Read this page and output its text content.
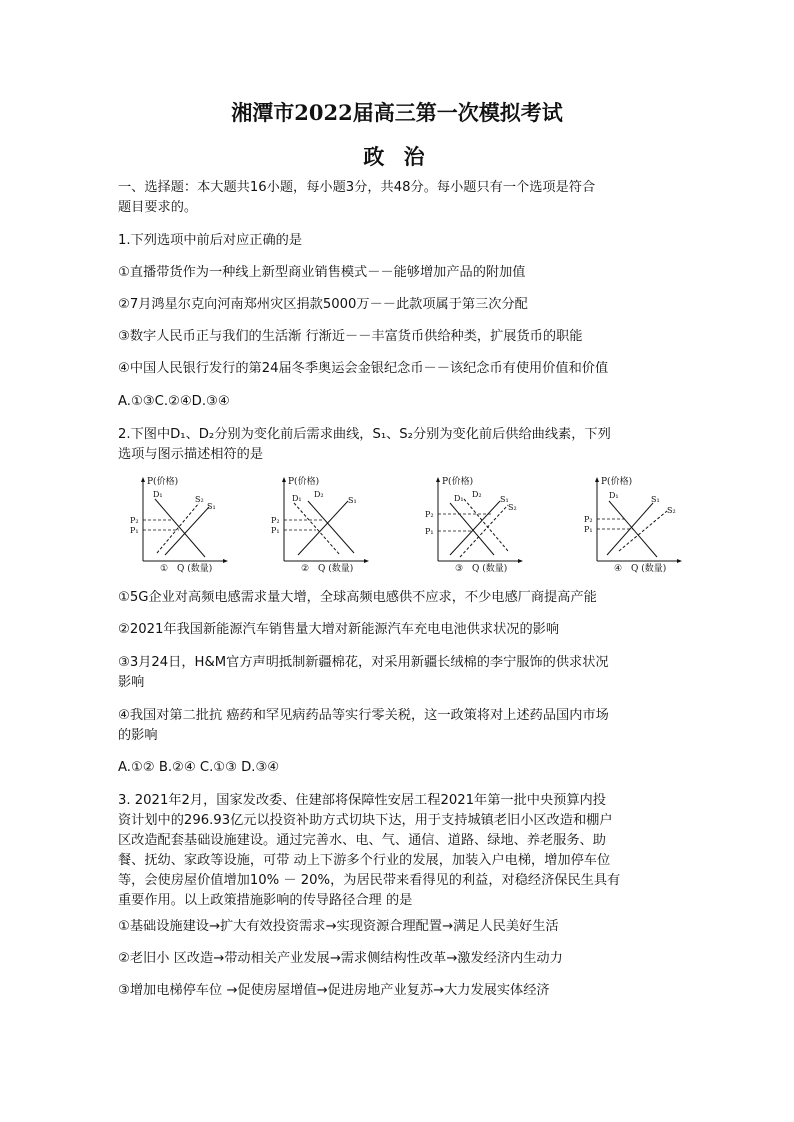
湘潭市2022届高三第一次模拟考试
政 治
一、选择题：本大题共16小题，每小题3分，共48分。每小题只有一个选项是符合
题目要求的。
1.下列选项中前后对应正确的是
①直播带货作为一种线上新型商业销售模式－－能够增加产品的附加值
②7月鸿星尔克向河南郑州灾区捐款5000万－－此款项属于第三次分配
③数字人民币正与我们的生活渐 行渐近－－丰富货币供给种类，扩展货币的职能
④中国人民银行发行的第24届冬季奥运会金银纪念币－－该纪念币有使用价值和价值
A.①③C.②④D.③④
2.下图中D₁、D₂分别为变化前后需求曲线，S₁、S₂分别为变化前后供给曲线素，下列
选项与图示描述相符的是
P(价格)
Q (数量)
①
D₁
S₂
S₁
P₂
P₁
P(价格)
Q (数量)
②
D₁ D₂
S₁
P₂
P₁
P(价格)
Q (数量)
③
D₁ D₂
S₁
S₂
P₂
P₁
P(价格)
Q (数量)
④
D₁	S₁
S₂
P₂
P₁
①5G企业对高频电感需求量大增，全球高频电感供不应求，不少电感厂商提高产能
②2021年我国新能源汽车销售量大增对新能源汽车充电电池供求状况的影响
③3月24日，H&M官方声明抵制新疆棉花，对采用新疆长绒棉的李宁服饰的供求状况
影响
④我国对第二批抗 癌药和罕见病药品等实行零关税，这一政策将对上述药品国内市场
的影响
A.①② B.②④ C.①③ D.③④
3. 2021年2月，国家发改委、住建部将保障性安居工程2021年第一批中央预算内投
资计划中的296.93亿元以投资补助方式切块下达，用于支持城镇老旧小区改造和棚户
区改造配套基础设施建设。通过完善水、电、气、通信、道路、绿地、养老服务、助
餐、抚幼、家政等设施，可带 动上下游多个行业的发展，加装入户电梯，增加停车位
等，会使房屋价值增加10% － 20%，为居民带来看得见的利益，对稳经济保民生具有
重要作用。以上政策措施影响的传导路径合理 的是
①基础设施建设→扩大有效投资需求→实现资源合理配置→满足人民美好生活
②老旧小 区改造→带动相关产业发展→需求侧结构性改革→激发经济内生动力
③增加电梯停车位 →促使房屋增值→促进房地产业复苏→大力发展实体经济
